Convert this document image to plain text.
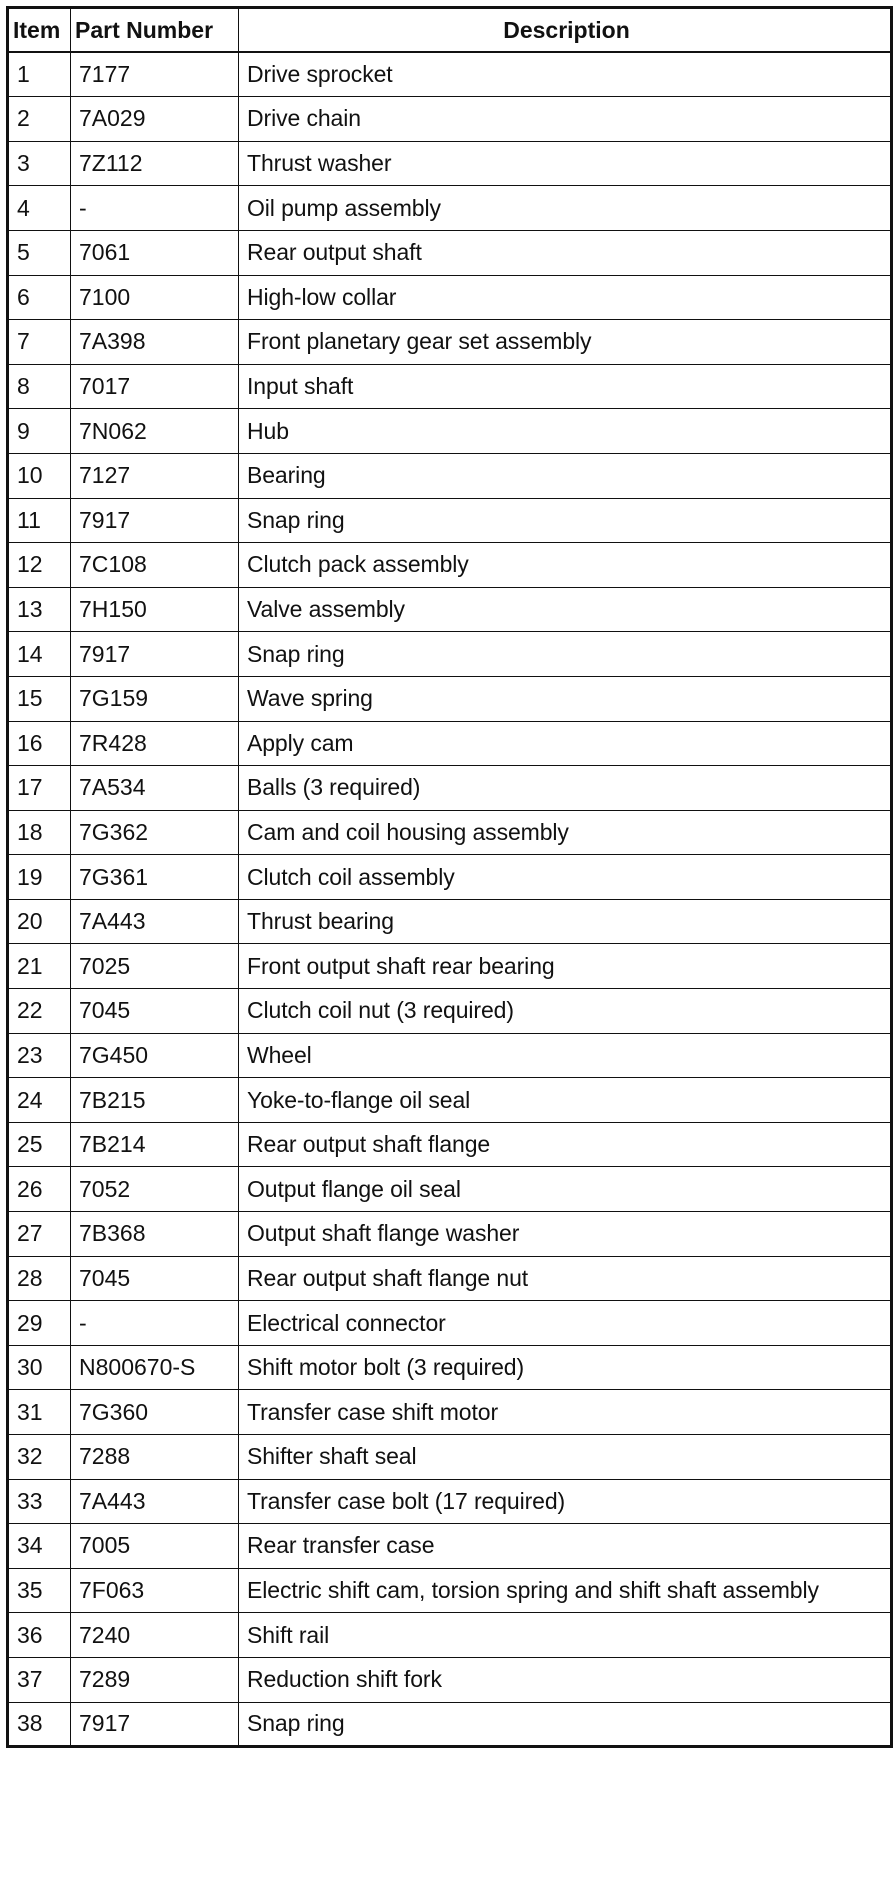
Item	Part Number	Description
1	7177	Drive sprocket
2	7A029	Drive chain
3	7Z112	Thrust washer
4	-	Oil pump assembly
5	7061	Rear output shaft
6	7100	High-low collar
7	7A398	Front planetary gear set assembly
8	7017	Input shaft
9	7N062	Hub
10	7127	Bearing
11	7917	Snap ring
12	7C108	Clutch pack assembly
13	7H150	Valve assembly
14	7917	Snap ring
15	7G159	Wave spring
16	7R428	Apply cam
17	7A534	Balls (3 required)
18	7G362	Cam and coil housing assembly
19	7G361	Clutch coil assembly
20	7A443	Thrust bearing
21	7025	Front output shaft rear bearing
22	7045	Clutch coil nut (3 required)
23	7G450	Wheel
24	7B215	Yoke-to-flange oil seal
25	7B214	Rear output shaft flange
26	7052	Output flange oil seal
27	7B368	Output shaft flange washer
28	7045	Rear output shaft flange nut
29	-	Electrical connector
30	N800670-S	Shift motor bolt (3 required)
31	7G360	Transfer case shift motor
32	7288	Shifter shaft seal
33	7A443	Transfer case bolt (17 required)
34	7005	Rear transfer case
35	7F063	Electric shift cam, torsion spring and shift shaft assembly
36	7240	Shift rail
37	7289	Reduction shift fork
38	7917	Snap ring
